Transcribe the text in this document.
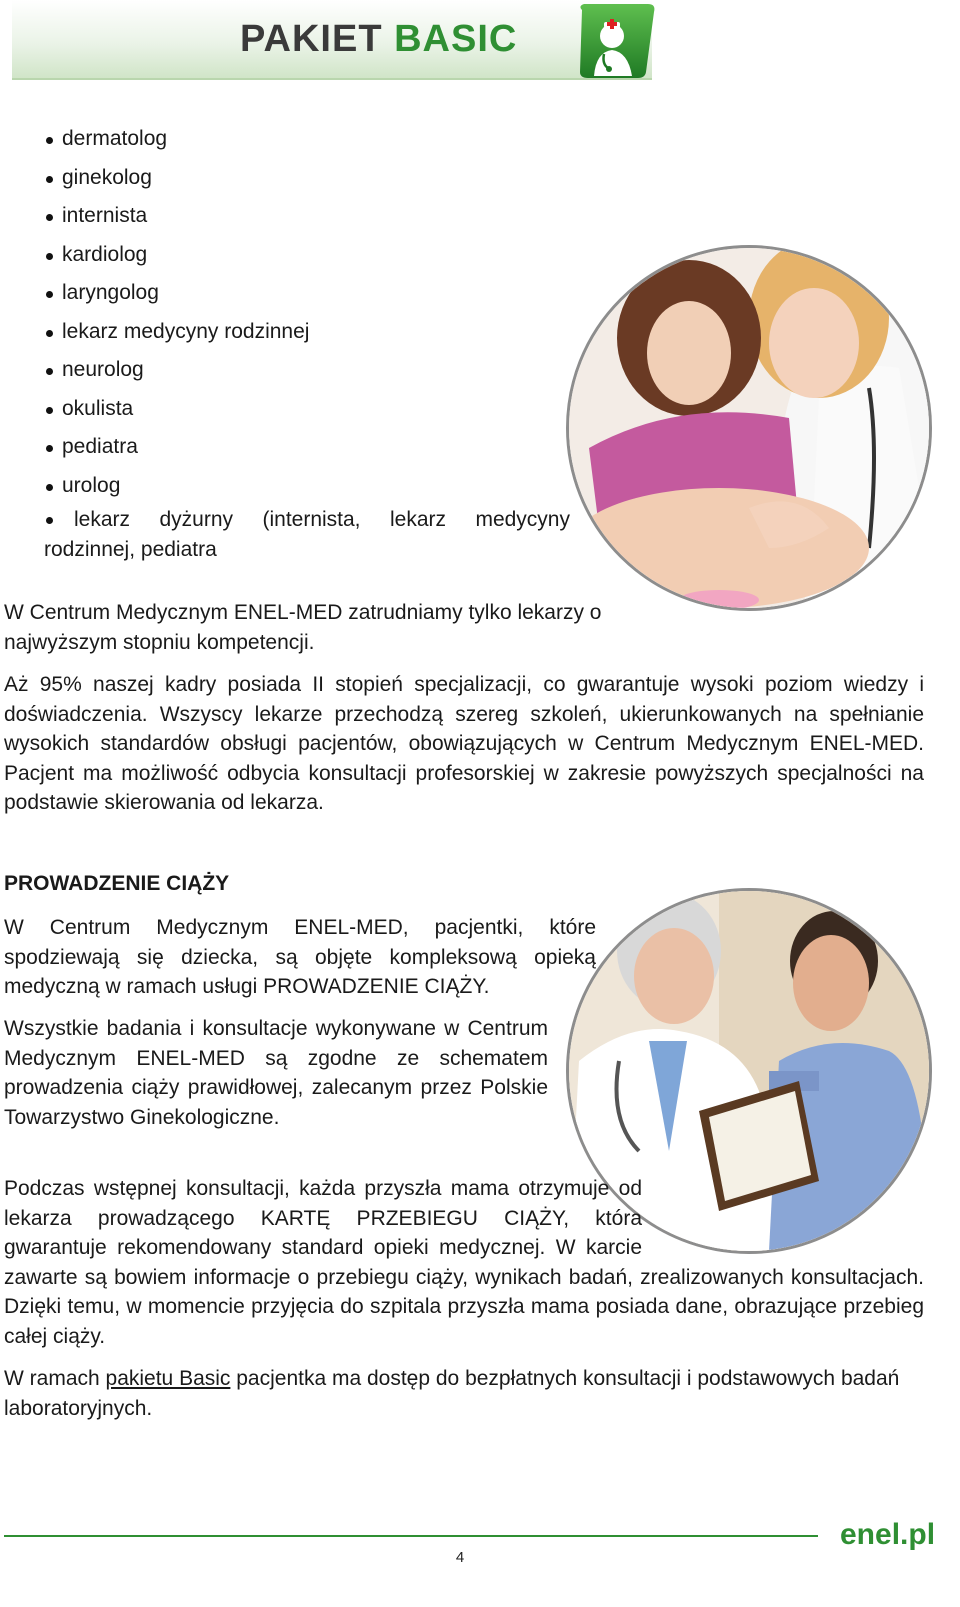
PAKIET BASIC
dermatolog
ginekolog
internista
kardiolog
laryngolog
lekarz medycyny rodzinnej
neurolog
okulista
pediatra
urolog
lekarz dyżurny (internista, lekarz medycyny rodzinnej, pediatra

W Centrum Medycznym ENEL-MED zatrudniamy tylko lekarzy o najwyższym stopniu kompetencji.

Aż 95% naszej kadry posiada II stopień specjalizacji, co gwarantuje wysoki poziom wiedzy i doświadczenia. Wszyscy lekarze przechodzą szereg szkoleń, ukierunkowanych na spełnianie wysokich standardów obsługi pacjentów, obowiązujących w Centrum Medycznym ENEL-MED. Pacjent ma możliwość odbycia konsultacji profesorskiej w zakresie powyższych specjalności na podstawie skierowania od lekarza.

PROWADZENIE CIĄŻY

W Centrum Medycznym ENEL-MED, pacjentki, które spodziewają się dziecka, są objęte kompleksową opieką medyczną w ramach usługi PROWADZENIE CIĄŻY.

Wszystkie badania i konsultacje wykonywane w Centrum Medycznym ENEL-MED są zgodne ze schematem prowadzenia ciąży prawidłowej, zalecanym przez Polskie Towarzystwo Ginekologiczne.

Podczas wstępnej konsultacji, każda przyszła mama otrzymuje od lekarza prowadzącego KARTĘ PRZEBIEGU CIĄŻY, która gwarantuje rekomendowany standard opieki medycznej. W karcie zawarte są bowiem informacje o przebiegu ciąży, wynikach badań, zrealizowanych konsultacjach. Dzięki temu, w momencie przyjęcia do szpitala przyszła mama posiada dane, obrazujące przebieg całej ciąży.

W ramach pakietu Basic pacjentka ma dostęp do bezpłatnych konsultacji i podstawowych badań laboratoryjnych.

enel.pl
4
